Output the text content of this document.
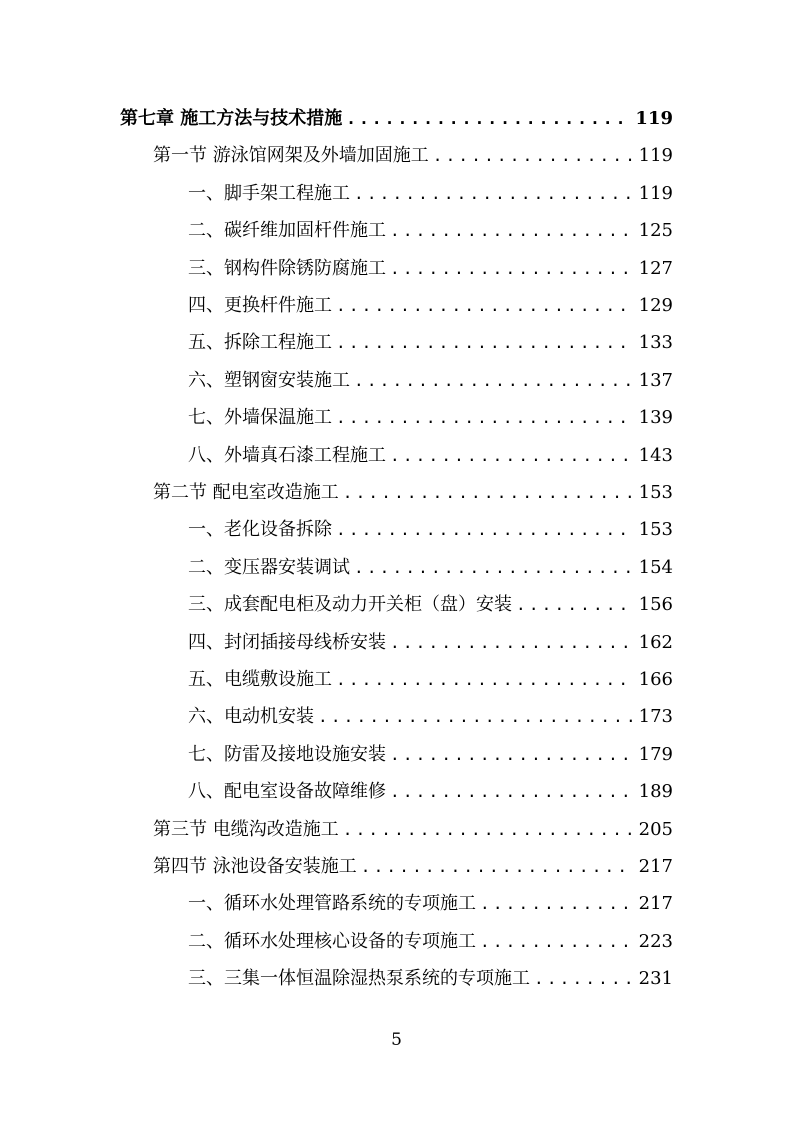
第七章 施工方法与技术措施 .....	119
第一节 游泳馆网架及外墙加固施工 .....	119
一、脚手架工程施工 .....	119
二、碳纤维加固杆件施工 .....	125
三、钢构件除锈防腐施工 .....	127
四、更换杆件施工 .....	129
五、拆除工程施工 .....	133
六、塑钢窗安装施工 .....	137
七、外墙保温施工 .....	139
八、外墙真石漆工程施工 .....	143
第二节 配电室改造施工 .....	153
一、老化设备拆除 .....	153
二、变压器安装调试 .....	154
三、成套配电柜及动力开关柜（盘）安装 .....	156
四、封闭插接母线桥安装 .....	162
五、电缆敷设施工 .....	166
六、电动机安装 .....	173
七、防雷及接地设施安装 .....	179
八、配电室设备故障维修 .....	189
第三节 电缆沟改造施工 .....	205
第四节 泳池设备安装施工 .....	217
一、循环水处理管路系统的专项施工 .....	217
二、循环水处理核心设备的专项施工 .....	223
三、三集一体恒温除湿热泵系统的专项施工 .....	231
5
